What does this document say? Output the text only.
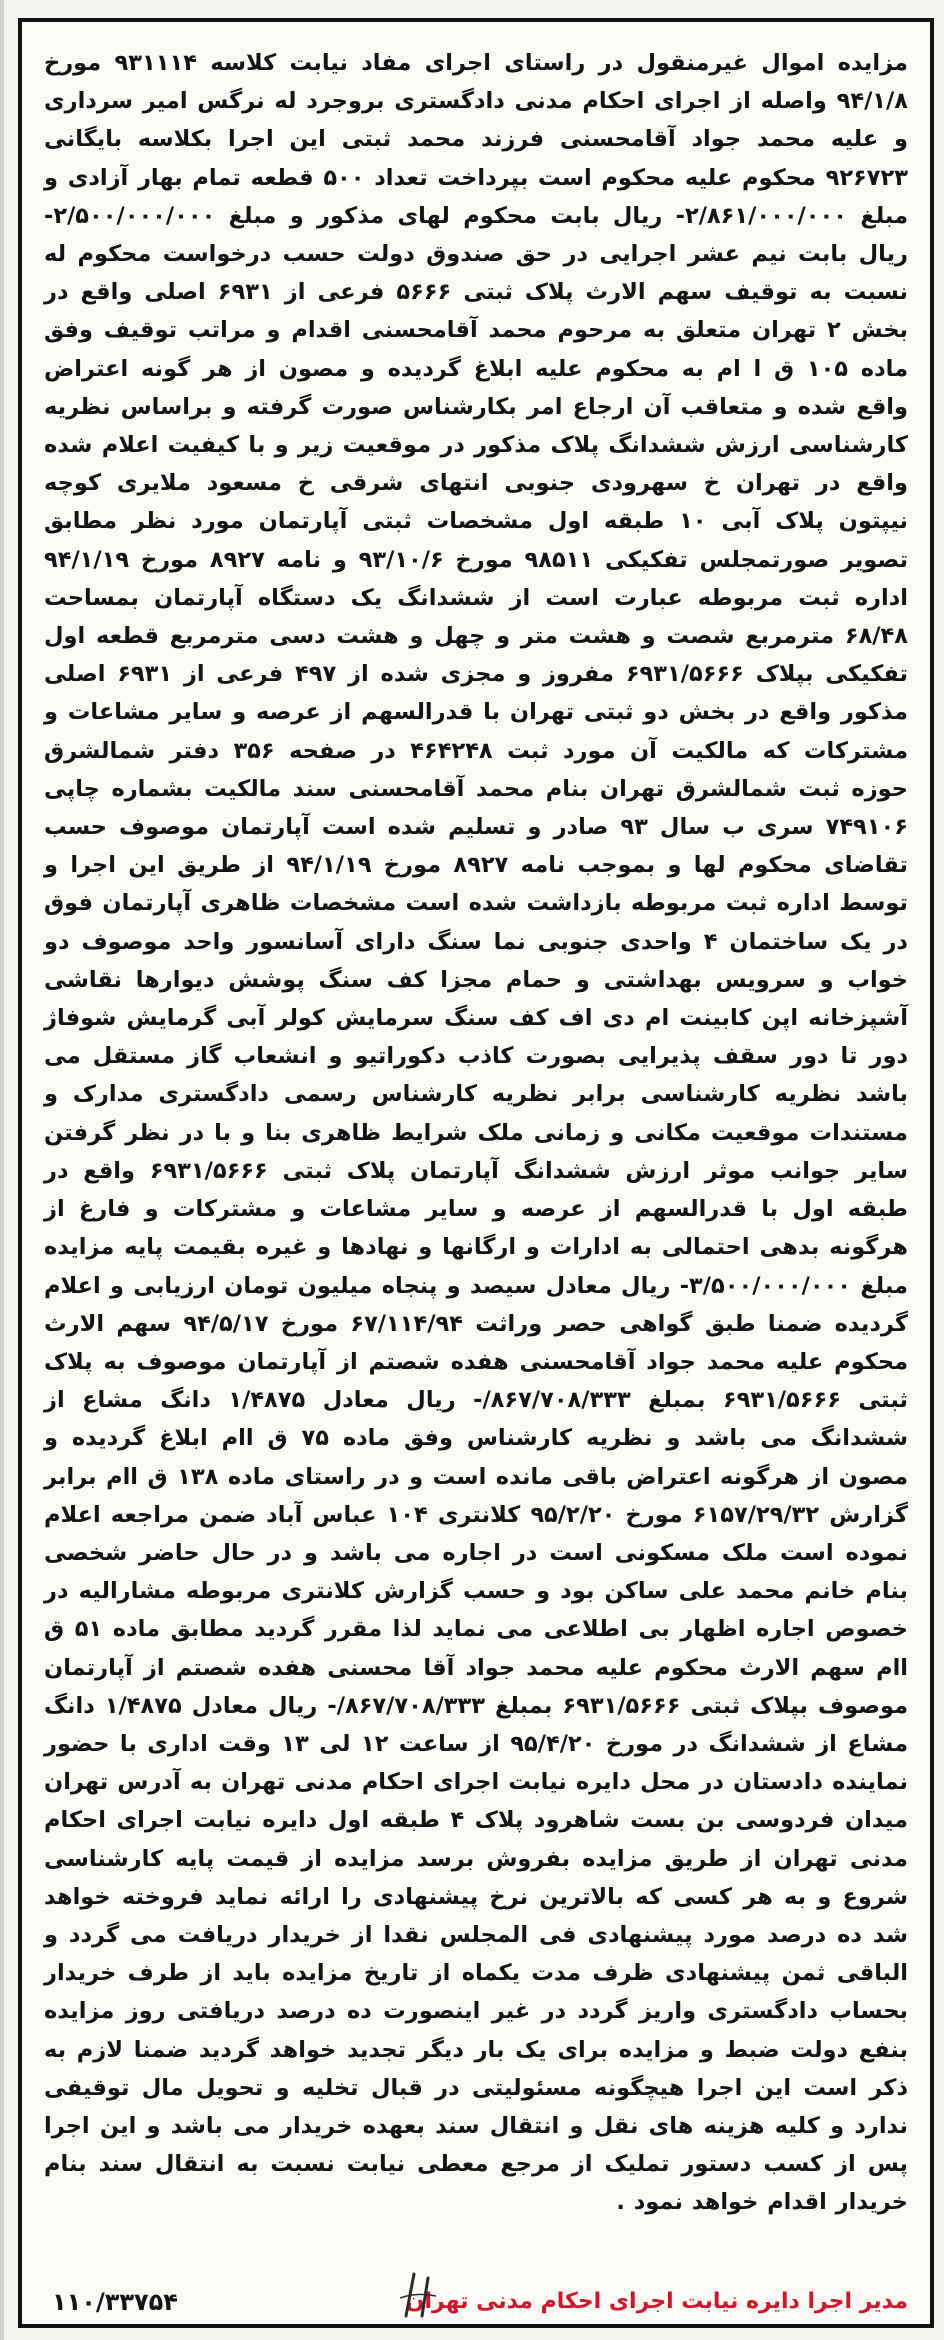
مزایده اموال غیرمنقول در راستای اجرای مفاد نیابت کلاسه ۹۳۱۱۱۴ مورخ ۹۴/۱/۸ واصله از اجرای احکام مدنی دادگستری بروجرد له نرگس امیر سرداری و علیه محمد جواد آقامحسنی فرزند محمد ثبتی این اجرا بکلاسه بایگانی ۹۲۶۷۲۳ محکوم علیه محکوم است بپرداخت تعداد ۵۰۰ قطعه تمام بهار آزادی و مبلغ ۲/۸۶۱/۰۰۰/۰۰۰- ریال بابت محکوم لهای مذکور و مبلغ ۲/۵۰۰/۰۰۰/۰۰۰- ریال بابت نیم عشر اجرایی در حق صندوق دولت حسب درخواست محکوم له نسبت به توقیف سهم الارث پلاک ثبتی ۵۶۶۶ فرعی از ۶۹۳۱ اصلی واقع در بخش ۲ تهران متعلق به مرحوم محمد آقامحسنی اقدام و مراتب توقیف وفق ماده ۱۰۵ ق ا ام به محکوم علیه ابلاغ گردیده و مصون از هر گونه اعتراض واقع شده و متعاقب آن ارجاع امر بکارشناس صورت گرفته و براساس نظریه کارشناسی ارزش ششدانگ پلاک مذکور در موقعیت زیر و با کیفیت اعلام شده واقع در تهران خ سهرودی جنوبی انتهای شرقی خ مسعود ملایری کوچه نیپتون پلاک آبی ۱۰ طبقه اول مشخصات ثبتی آپارتمان مورد نظر مطابق تصویر صورتمجلس تفکیکی ۹۸۵۱۱ مورخ ۹۳/۱۰/۶ و نامه ۸۹۲۷ مورخ ۹۴/۱/۱۹ اداره ثبت مربوطه عبارت است از ششدانگ یک دستگاه آپارتمان بمساحت ۶۸/۴۸ مترمربع شصت و هشت متر و چهل و هشت دسی مترمربع قطعه اول تفکیکی بپلاک ۶۹۳۱/۵۶۶۶ مفروز و مجزی شده از ۴۹۷ فرعی از ۶۹۳۱ اصلی مذکور واقع در بخش دو ثبتی تهران با قدرالسهم از عرصه و سایر مشاعات و مشترکات که مالکیت آن مورد ثبت ۴۶۴۲۴۸ در صفحه ۳۵۶ دفتر شمالشرق حوزه ثبت شمالشرق تهران بنام محمد آقامحسنی سند مالکیت بشماره چاپی ۷۴۹۱۰۶ سری ب سال ۹۳ صادر و تسلیم شده است آپارتمان موصوف حسب تقاضای محکوم لها و بموجب نامه ۸۹۲۷ مورخ ۹۴/۱/۱۹ از طریق این اجرا و توسط اداره ثبت مربوطه بازداشت شده است مشخصات ظاهری آپارتمان فوق در یک ساختمان ۴ واحدی جنوبی نما سنگ دارای آسانسور واحد موصوف دو خواب و سرویس بهداشتی و حمام مجزا کف سنگ پوشش دیوارها نقاشی آشپزخانه اپن کابینت ام دی اف کف سنگ سرمایش کولر آبی گرمایش شوفاژ دور تا دور سقف پذیرایی بصورت کاذب دکوراتیو و انشعاب گاز مستقل می باشد نظریه کارشناسی برابر نظریه کارشناس رسمی دادگستری مدارک و مستندات موقعیت مکانی و زمانی ملک شرایط ظاهری بنا و با در نظر گرفتن سایر جوانب موثر ارزش ششدانگ آپارتمان پلاک ثبتی ۶۹۳۱/۵۶۶۶ واقع در طبقه اول با قدرالسهم از عرصه و سایر مشاعات و مشترکات و فارغ از هرگونه بدهی احتمالی به ادارات و ارگانها و نهادها و غیره بقیمت پایه مزایده مبلغ ۳/۵۰۰/۰۰۰/۰۰۰- ریال معادل سیصد و پنجاه میلیون تومان ارزیابی و اعلام گردیده ضمنا طبق گواهی حصر وراثت ۶۷/۱۱۴/۹۴ مورخ ۹۴/۵/۱۷ سهم الارث محکوم علیه محمد جواد آقامحسنی هفده شصتم از آپارتمان موصوف به پلاک ثبتی ۶۹۳۱/۵۶۶۶ بمبلغ ۸۶۷/۷۰۸/۳۳۳/- ریال معادل ۱/۴۸۷۵ دانگ مشاع از ششدانگ می باشد و نظریه کارشناس وفق ماده ۷۵ ق اام ابلاغ گردیده و مصون از هرگونه اعتراض باقی مانده است و در راستای ماده ۱۳۸ ق اام برابر گزارش ۶۱۵۷/۲۹/۳۲ مورخ ۹۵/۲/۲۰ کلانتری ۱۰۴ عباس آباد ضمن مراجعه اعلام نموده است ملک مسکونی است در اجاره می باشد و در حال حاضر شخصی بنام خانم محمد علی ساکن بود و حسب گزارش کلانتری مربوطه مشارالیه در خصوص اجاره اظهار بی اطلاعی می نماید لذا مقرر گردید مطابق ماده ۵۱ ق اام سهم الارث محکوم علیه محمد جواد آقا محسنی هفده شصتم از آپارتمان موصوف بپلاک ثبتی ۶۹۳۱/۵۶۶۶ بمبلغ ۸۶۷/۷۰۸/۳۳۳/- ریال معادل ۱/۴۸۷۵ دانگ مشاع از ششدانگ در مورخ ۹۵/۴/۲۰ از ساعت ۱۲ لی ۱۳ وقت اداری با حضور نماینده دادستان در محل دایره نیابت اجرای احکام مدنی تهران به آدرس تهران میدان فردوسی بن بست شاهرود پلاک ۴ طبقه اول دایره نیابت اجرای احکام مدنی تهران از طریق مزایده بفروش برسد مزایده از قیمت پایه کارشناسی شروع و به هر کسی که بالاترین نرخ پیشنهادی را ارائه نماید فروخته خواهد شد ده درصد مورد پیشنهادی فی المجلس نقدا از خریدار دریافت می گردد و الباقی ثمن پیشنهادی ظرف مدت یکماه از تاریخ مزایده باید از طرف خریدار بحساب دادگستری واریز گردد در غیر اینصورت ده درصد دریافتی روز مزایده بنفع دولت ضبط و مزایده برای یک بار دیگر تجدید خواهد گردید ضمنا لازم به ذکر است این اجرا هیچگونه مسئولیتی در قبال تخلیه و تحویل مال توقیفی ندارد و کلیه هزینه های نقل و انتقال سند بعهده خریدار می باشد و این اجرا پس از کسب دستور تملیک از مرجع معطی نیابت نسبت به انتقال سند بنام خریدار اقدام خواهد نمود .
مدیر اجرا دایره نیابت اجرای احکام مدنی تهران
۱۱۰/۳۳۷۵۴
